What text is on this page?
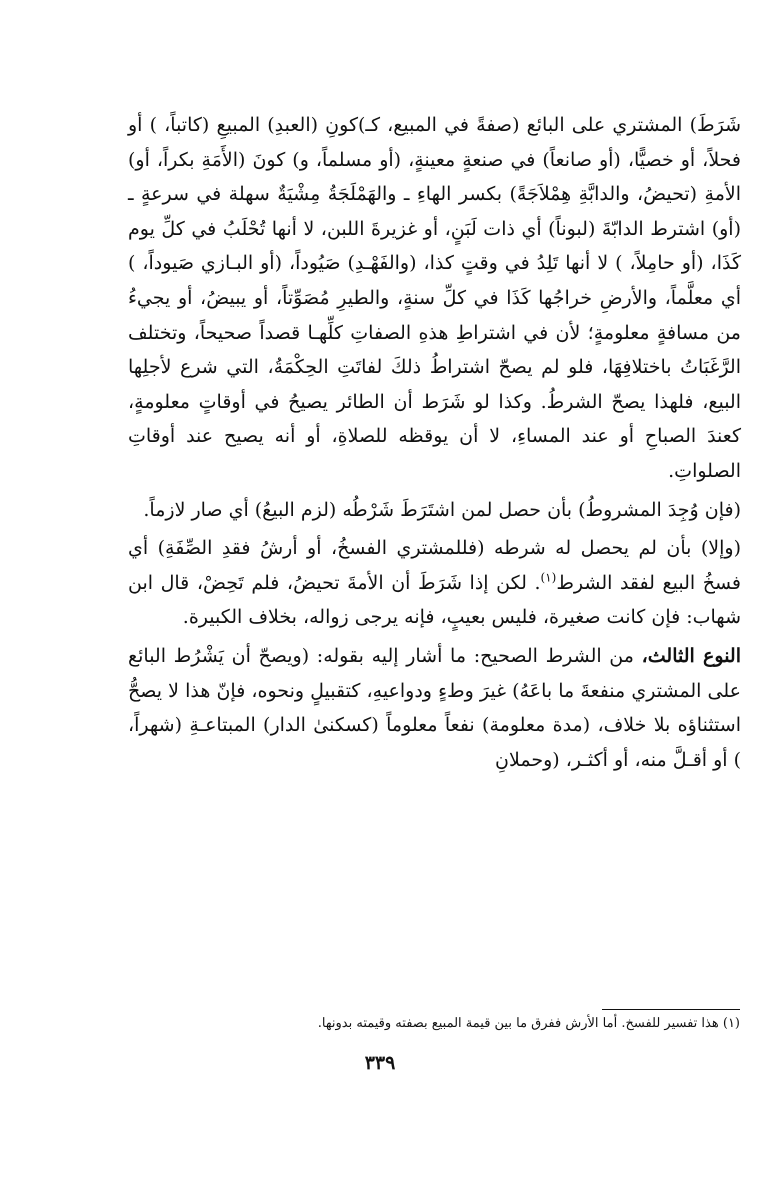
شَرَطَ) المشتري على البائع (صفةً في المبيع، كـ)كونِ (العبدِ) المبيعِ (كاتباً، ) أو فحلاً، أو خصيًّا، (أو صانعاً) في صنعةٍ معينةٍ، (أو مسلماً، و) كونَ (الأَمَةِ بكراً، أو) الأمةِ (تحيضُ، والدابَّةِ هِمْلاَجَةً) بكسر الهاءِ ـ والهَمْلَجَةُ مِشْيَةٌ سهلة في سرعةٍ ـ (أو) اشترط الدابّةَ (لبوناً) أي ذات لَبَنٍ، أو غزيرةَ اللبن، لا أنها تُحْلَبُ في كلِّ يوم كَذَا، (أو حامِلاً، ) لا أنها تَلِدُ في وقتٍ كذا، (والفَهْـدِ) صَيُوداً، (أو البـازي صَيوداً، ) أي معلَّماً، والأرضِ خراجُها كَذَا في كلِّ سنةٍ، والطيرِ مُصَوِّتاً، أو يبيضُ، أو يجيءُ من مسافةٍ معلومةٍ؛ لأن في اشتراطِ هذهِ الصفاتِ كلِّهـا قصداً صحيحاً، وتختلف الرَّغَبَاتُ باختلافِهَا، فلو لم يصحّ اشتراطُ ذلكَ لفاتَتِ الحِكْمَةُ، التي شرع لأجلِها البيع، فلهذا يصحّ الشرطُ. وكذا لو شَرَط أن الطائر يصيحُ في أوقاتٍ معلومةٍ، كعندَ الصباحِ أو عند المساءِ، لا أن يوقظه للصلاةِ، أو أنه يصيح عند أوقاتِ الصلواتِ.

(فإن وُجِدَ المشروطُ) بأن حصل لمن اشتَرَطَ شَرْطُه (لزم البيعُ) أي صار لازماً.

(وإلا) بأن لم يحصل له شرطه (فللمشتري الفسخُ، أو أرشُ فقدِ الصِّفَةِ) أي فسخُ البيع لفقد الشرط$^{(١)}$. لكن إذا شَرَطَ أن الأمةَ تحيضُ، فلم تَحِضْ، قال ابن شهاب: فإن كانت صغيرة، فليس بعيبٍ، فإنه يرجى زواله، بخلاف الكبيرة.

النوع الثالث، من الشرط الصحيح: ما أشار إليه بقوله: (ويصحّ أن يَشْرُط البائع على المشتري منفعةَ ما باعَهُ) غيرَ وطءٍ ودواعيهِ، كتقبيلٍ ونحوه، فإنّ هذا لا يصحُّ استثناؤه بلا خلاف، (مدة معلومة) نفعاً معلوماً (كسكنىٰ الدار) المبتاعـةِ (شهراً، ) أو أقـلَّ منه، أو أكثـر، (وحملانِ

(١) هذا تفسير للفسخ. أما الأرش ففرق ما بين قيمة المبيع بصفته وقيمته بدونها.
٣٣٩
